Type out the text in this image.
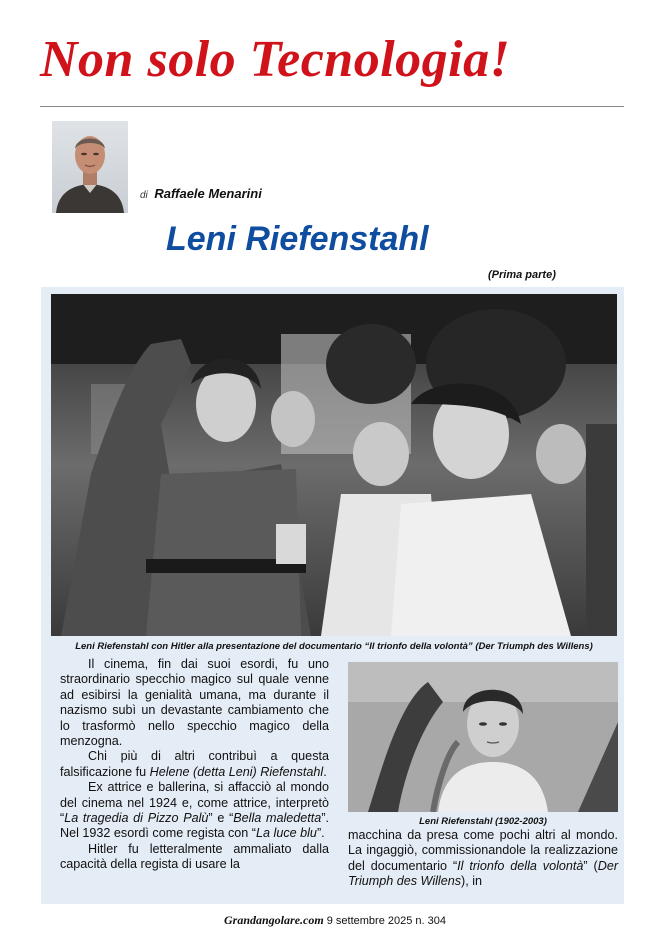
Non solo Tecnologia!
di Raffaele Menarini
Leni Riefenstahl
(Prima parte)
Leni Riefenstahl con Hitler alla presentazione del documentario “Il trionfo della volontà” (Der Triumph des Willens)

Il cinema, fin dai suoi esordi, fu uno straordinario specchio magico sul quale venne ad esibirsi la genialità umana, ma durante il nazismo subì un devastante cambiamento che lo trasformò nello specchio magico della menzogna.

Chi più di altri contribuì a questa falsificazione fu Helene (detta Leni) Riefenstahl.

Ex attrice e ballerina, si affacciò al mondo del cinema nel 1924 e, come attrice, interpretò “La tragedia di Pizzo Palù” e “Bella maledetta”. Nel 1932 esordì come regista con “La luce blu”.

Hitler fu letteralmente ammaliato dalla capacità della regista di usare la

Leni Riefenstahl (1902-2003)

macchina da presa come pochi altri al mondo. La ingaggiò, commissionandole la realizzazione del documentario “Il trionfo della volontà” (Der Triumph des Willens), in

Grandangolare.com 9 settembre 2025 n. 304
